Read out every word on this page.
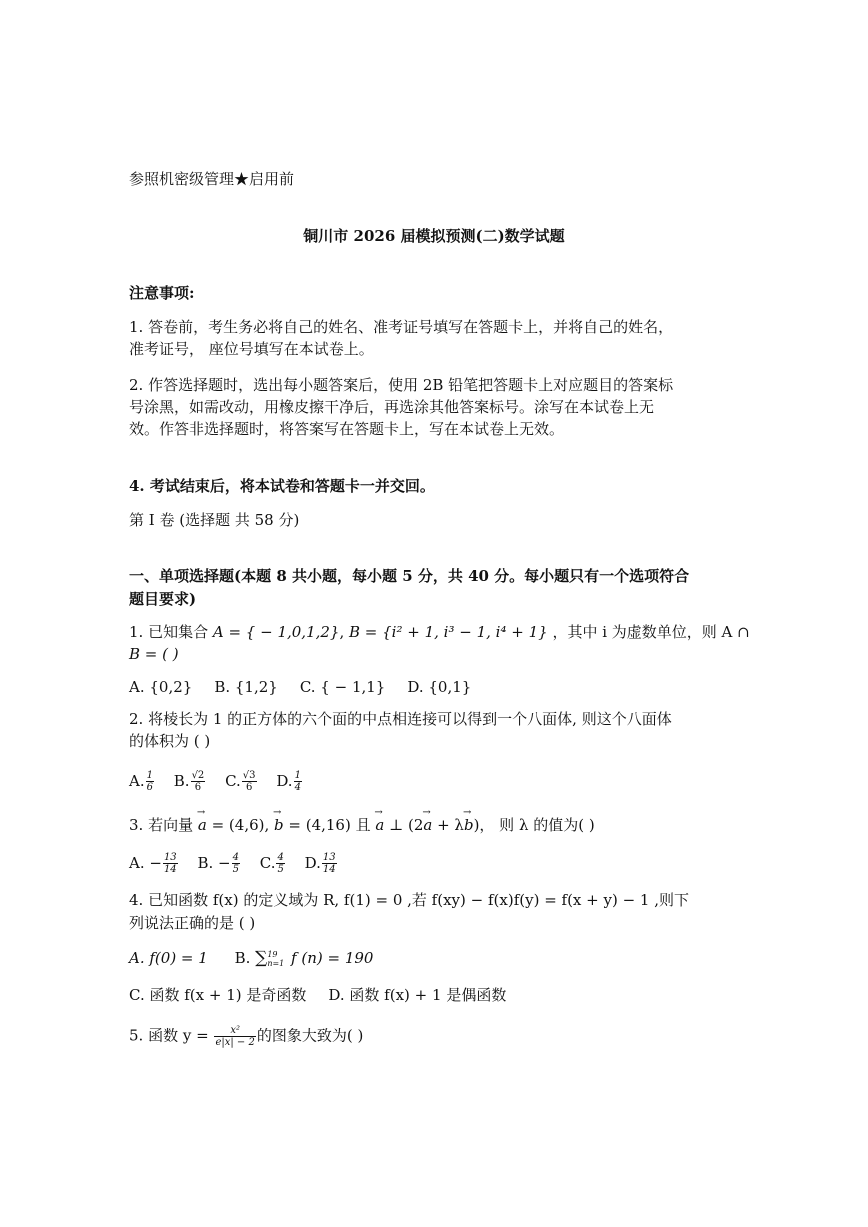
参照机密级管理★启用前
铜川市 2026 届模拟预测(二)数学试题
注意事项:
1. 答卷前，考生务必将自己的姓名、准考证号填写在答题卡上，并将自己的姓名，
准考证号， 座位号填写在本试卷上。
2. 作答选择题时，选出每小题答案后，使用 2B 铅笔把答题卡上对应题目的答案标
号涂黑，如需改动，用橡皮擦干净后，再选涂其他答案标号。涂写在本试卷上无
效。作答非选择题时，将答案写在答题卡上，写在本试卷上无效。
4. 考试结束后，将本试卷和答题卡一并交回。
第 I 卷 (选择题 共 58 分)
一、单项选择题(本题 8 共小题，每小题 5 分，共 40 分。每小题只有一个选项符合
题目要求)
1. 已知集合 A = { − 1,0,1,2}, B = {i² + 1, i³ − 1, i⁴ + 1} ，其中 i 为虚数单位，则 A ∩
B = ( )
A. {0,2} B. {1,2} C. { − 1,1} D. {0,1}
2. 将棱长为 1 的正方体的六个面的中点相连接可以得到一个八面体, 则这个八面体
的体积为 ( )
A. $\frac{1}{6} B$. $\frac{√2}{6} C$. $\frac{√3}{6} D$. $\frac{1}{4}$
3. 若向量 → a = (4,6), → b = (4,16) 且 → a ⊥ (2→ a + λ→ b)， 则 λ 的值为( )
A. − $\frac{13}{14} B$. − $\frac{4}{5} C$. $\frac{4}{5} D$. $\frac{13}{14}$
4. 已知函数 f(x) 的定义域为 R, f(1) = 0 ,若 f(xy) − f(x)f(y) = f(x + y) − 1 ,则下
列说法正确的是 ( )
A. f(0) = 1 B. ∑ 19
n=1 f (n) = 190
C. 函数 f(x + 1) 是奇函数 D. 函数 f(x) + 1 是偶函数
5. 函数 $y = \frac{\text{x²}}{e|x| - 2}$ 的图象大致为( )
